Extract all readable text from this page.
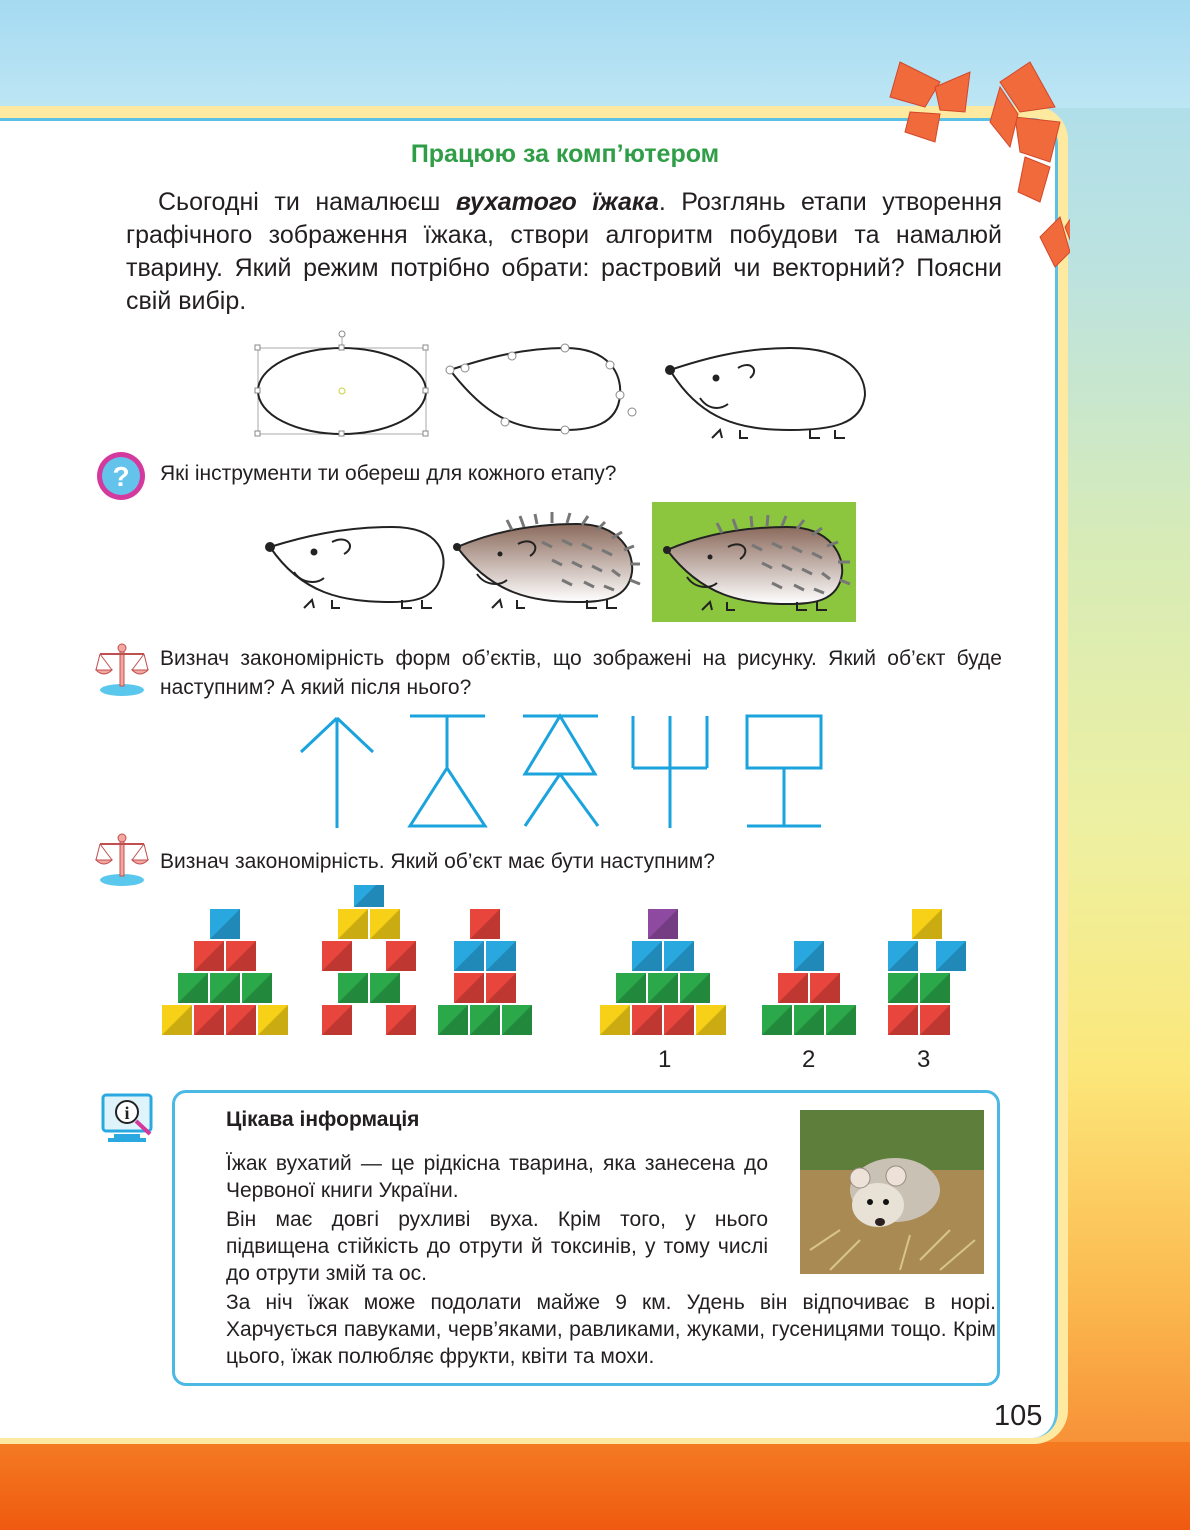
Працюю за комп’ютером
Сьогодні ти намалюєш вухатого їжака. Розглянь етапи утворення графічного зображення їжака, створи алгоритм побудови та намалюй тварину. Який режим потрібно обрати: растровий чи векторний? Поясни свій вибір.
? Які інструменти ти обереш для кожного етапу?
Визнач закономірність форм об’єктів, що зображені на рисунку. Який об’єкт буде наступним? А який після нього?
Визнач закономірність. Який об’єкт має бути наступним?
1	2	3
i	Цікава інформація
Їжак вухатий — це рідкісна тварина, яка занесена до Червоної книги України.
Він має довгі рухливі вуха. Крім того, у нього підвищена стійкість до отрути й токсинів, у тому числі до отрути змій та ос.
За ніч їжак може подолати майже 9 км. Удень він відпочиває в норі. Харчується павуками, черв’яками, равликами, жуками, гусеницями тощо. Крім цього, їжак полюбляє фрукти, квіти та мохи.
105
